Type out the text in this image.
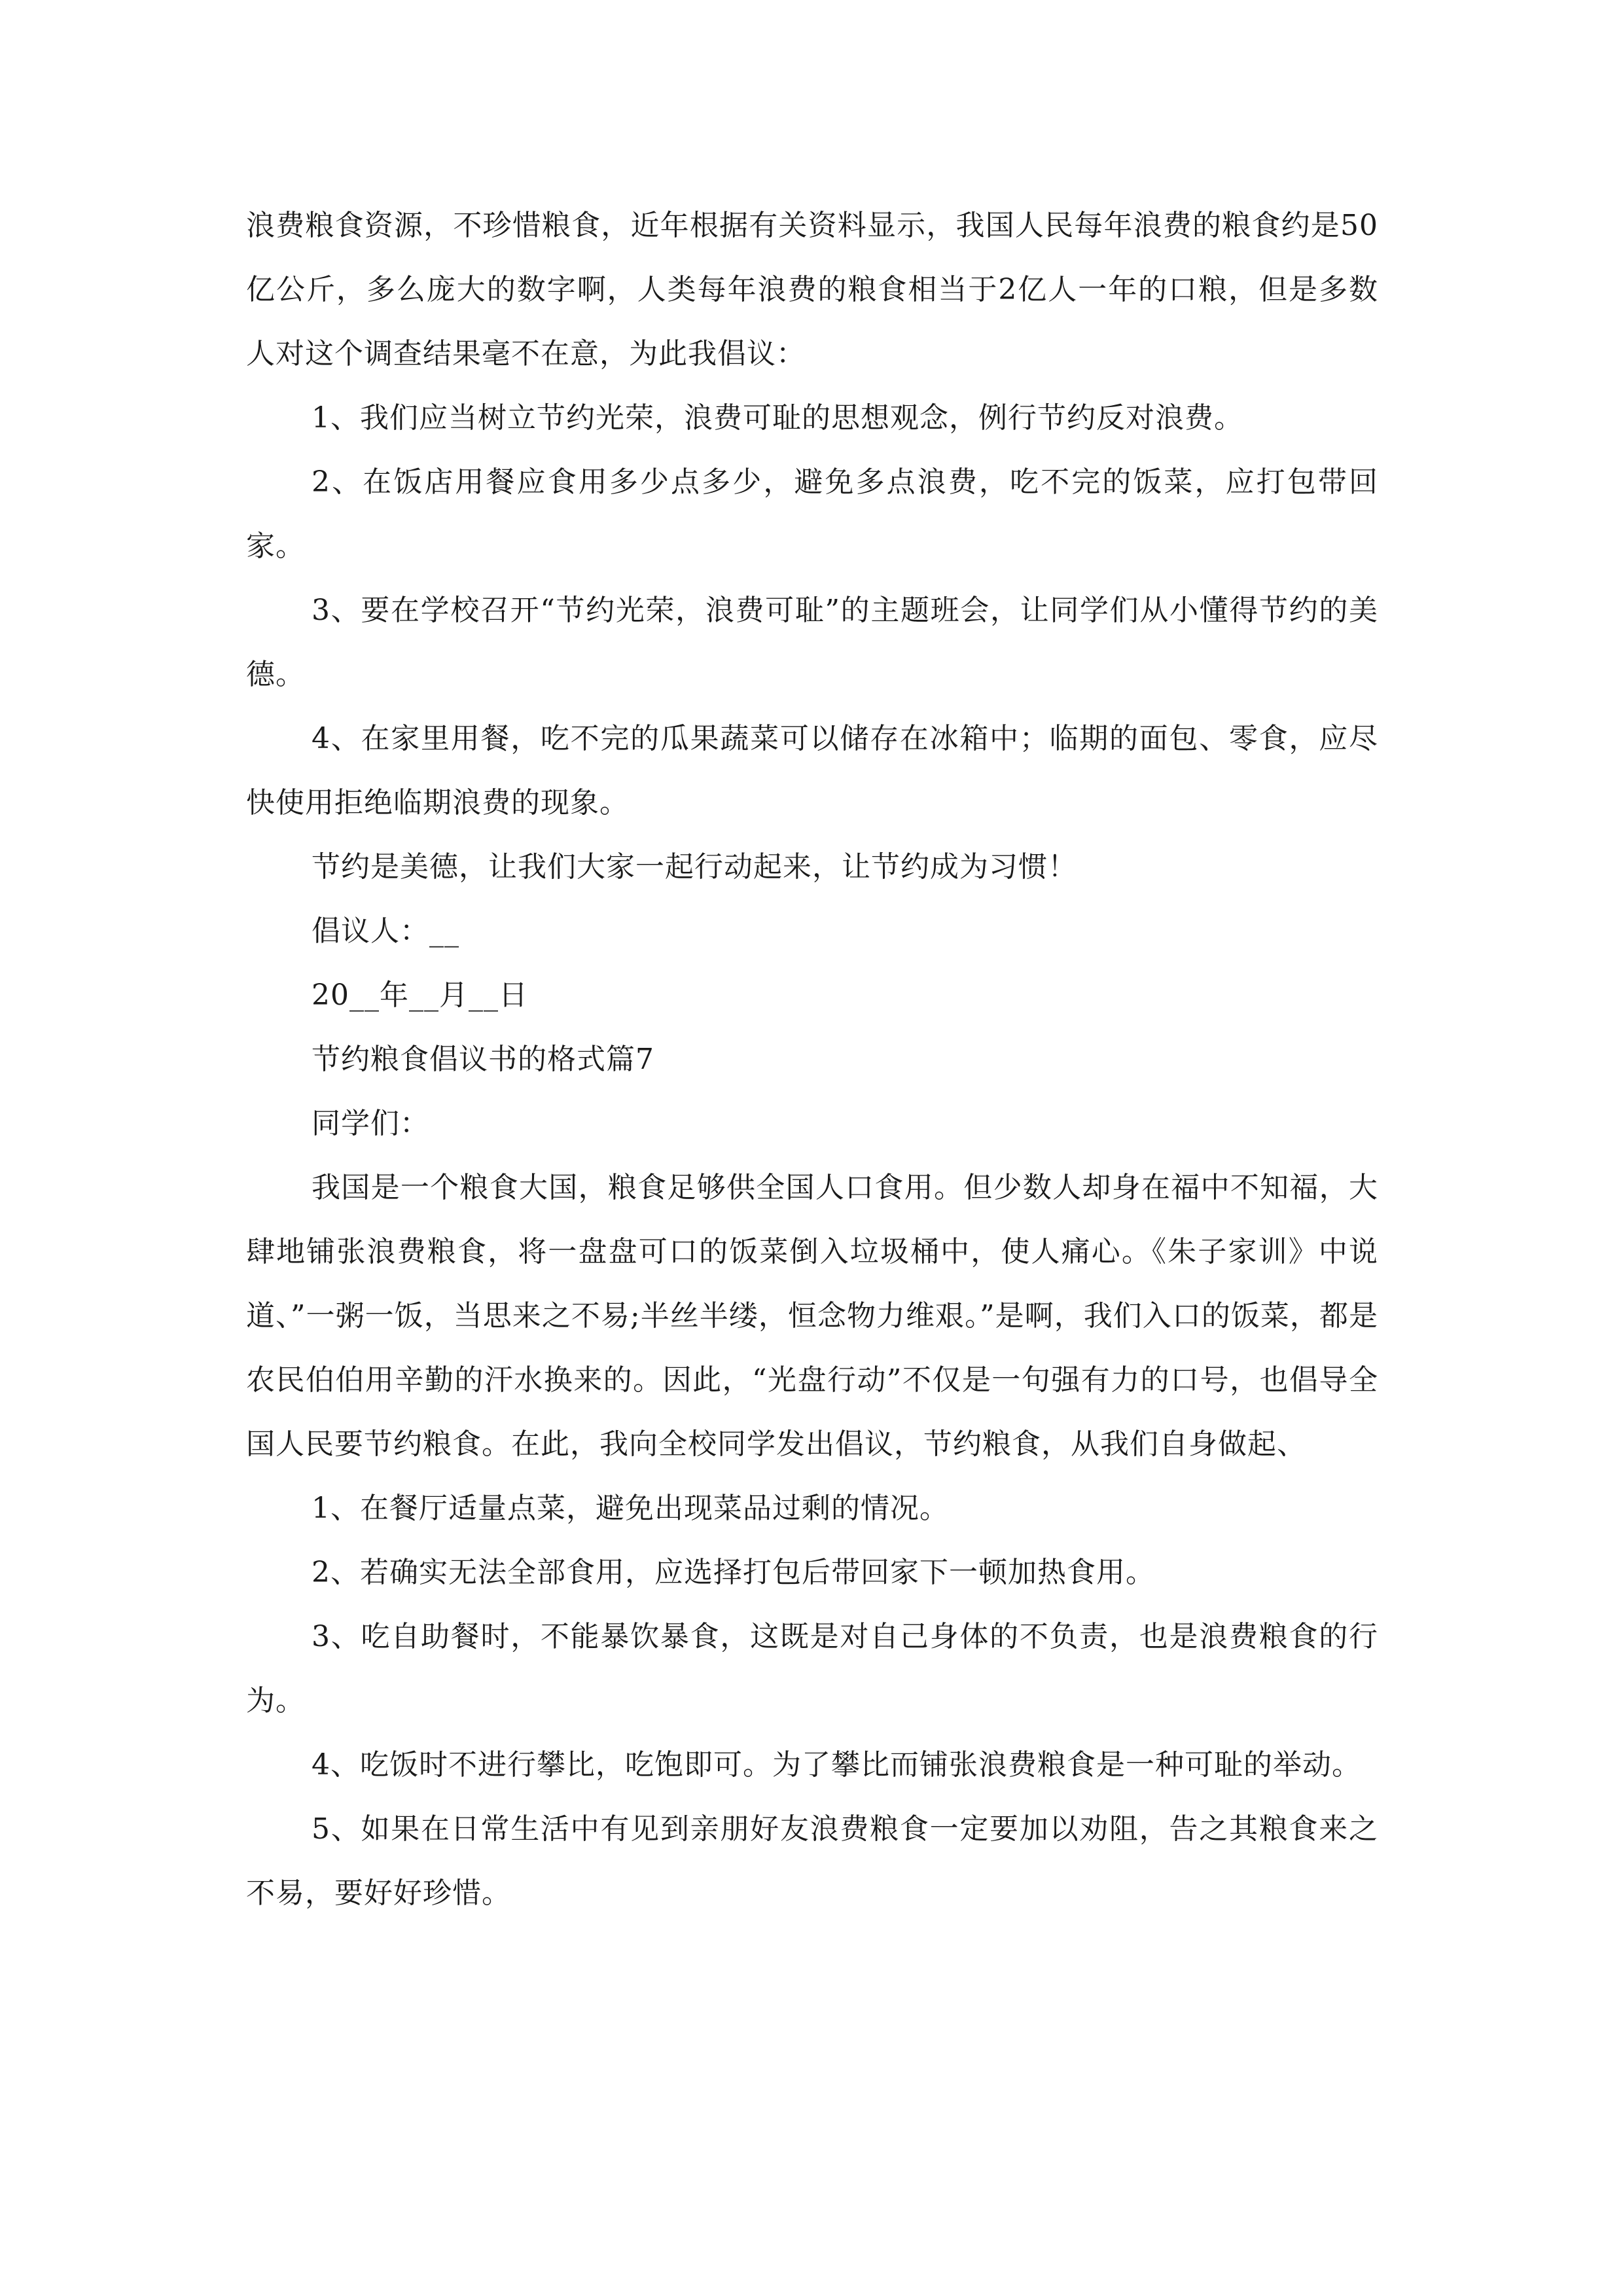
浪费粮食资源，不珍惜粮食，近年根据有关资料显示，我国人民每年浪费的粮食约是50亿公斤，多么庞大的数字啊，人类每年浪费的粮食相当于2亿人一年的口粮，但是多数人对这个调查结果毫不在意，为此我倡议：

1、我们应当树立节约光荣，浪费可耻的思想观念，例行节约反对浪费。

2、在饭店用餐应食用多少点多少，避免多点浪费，吃不完的饭菜，应打包带回家。

3、要在学校召开“节约光荣，浪费可耻”的主题班会，让同学们从小懂得节约的美德。

4、在家里用餐，吃不完的瓜果蔬菜可以储存在冰箱中；临期的面包、零食，应尽快使用拒绝临期浪费的现象。

节约是美德，让我们大家一起行动起来，让节约成为习惯！

倡议人：__

20__年__月__日

节约粮食倡议书的格式篇7

同学们：

我国是一个粮食大国，粮食足够供全国人口食用。但少数人却身在福中不知福，大肆地铺张浪费粮食，将一盘盘可口的饭菜倒入垃圾桶中，使人痛心。《朱子家训》中说道、”一粥一饭，当思来之不易;半丝半缕，恒念物力维艰。”是啊，我们入口的饭菜，都是农民伯伯用辛勤的汗水换来的。因此，“光盘行动”不仅是一句强有力的口号，也倡导全国人民要节约粮食。在此，我向全校同学发出倡议，节约粮食，从我们自身做起、

1、在餐厅适量点菜，避免出现菜品过剩的情况。

2、若确实无法全部食用，应选择打包后带回家下一顿加热食用。

3、吃自助餐时，不能暴饮暴食，这既是对自己身体的不负责，也是浪费粮食的行为。

4、吃饭时不进行攀比，吃饱即可。为了攀比而铺张浪费粮食是一种可耻的举动。

5、如果在日常生活中有见到亲朋好友浪费粮食一定要加以劝阻，告之其粮食来之不易，要好好珍惜。
